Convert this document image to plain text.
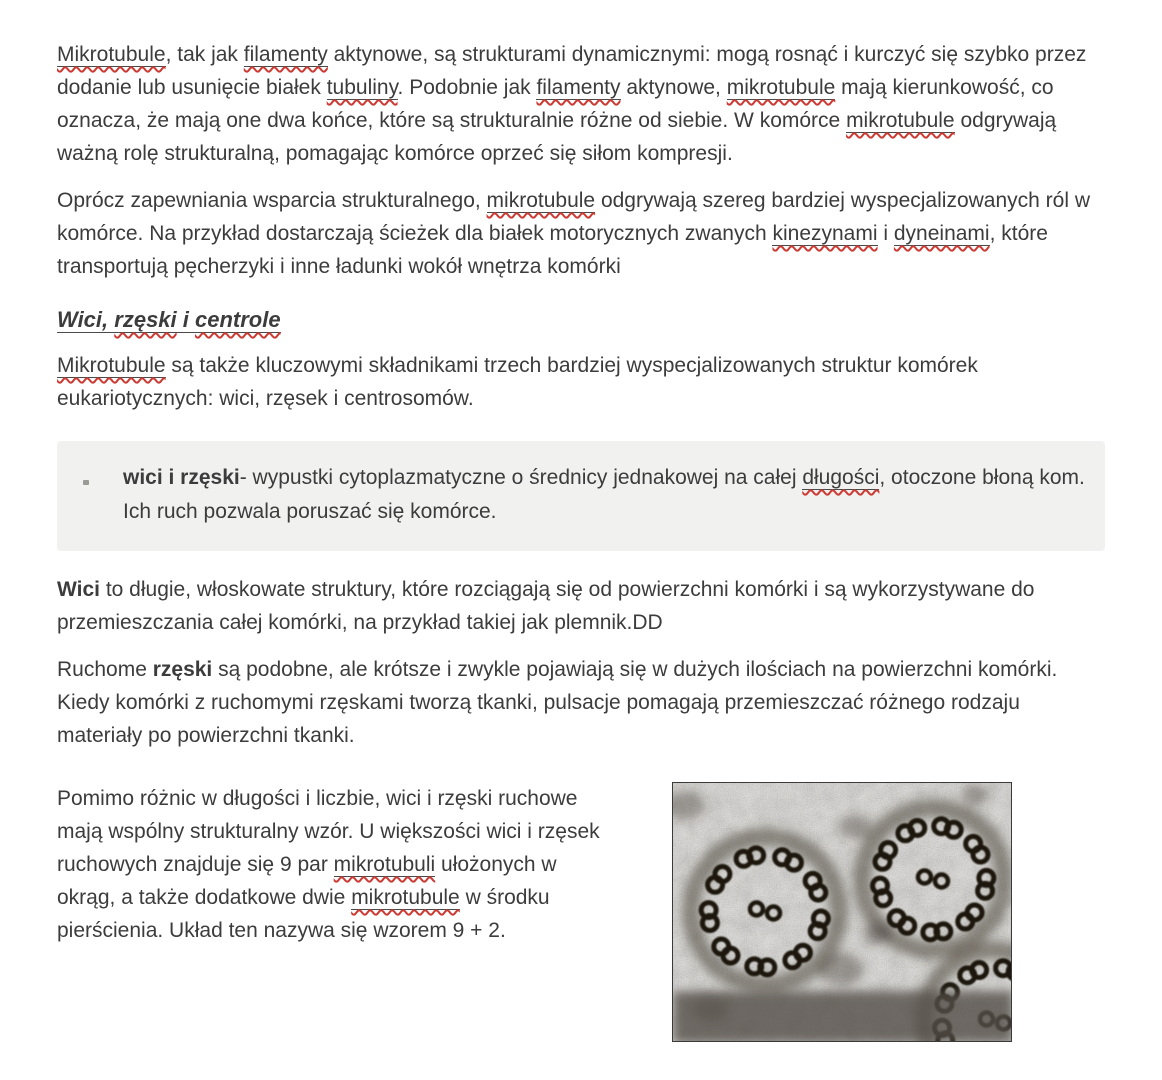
Mikrotubule, tak jak filamenty aktynowe, są strukturami dynamicznymi: mogą rosnąć i kurczyć się szybko przez dodanie lub usunięcie białek tubuliny. Podobnie jak filamenty aktynowe, mikrotubule mają kierunkowość, co oznacza, że mają one dwa końce, które są strukturalnie różne od siebie. W komórce mikrotubule odgrywają ważną rolę strukturalną, pomagając komórce oprzeć się siłom kompresji.

Oprócz zapewniania wsparcia strukturalnego, mikrotubule odgrywają szereg bardziej wyspecjalizowanych ról w komórce. Na przykład dostarczają ścieżek dla białek motorycznych zwanych kinezynami i dyneinami, które transportują pęcherzyki i inne ładunki wokół wnętrza komórki

Wici, rzęski i centrole

Mikrotubule są także kluczowymi składnikami trzech bardziej wyspecjalizowanych struktur komórek eukariotycznych: wici, rzęsek i centrosomów.

wici i rzęski- wypustki cytoplazmatyczne o średnicy jednakowej na całej długości, otoczone błoną kom. Ich ruch pozwala poruszać się komórce.

Wici to długie, włoskowate struktury, które rozciągają się od powierzchni komórki i są wykorzystywane do przemieszczania całej komórki, na przykład takiej jak plemnik.DD

Ruchome rzęski są podobne, ale krótsze i zwykle pojawiają się w dużych ilościach na powierzchni komórki. Kiedy komórki z ruchomymi rzęskami tworzą tkanki, pulsacje pomagają przemieszczać różnego rodzaju materiały po powierzchni tkanki.

Pomimo różnic w długości i liczbie, wici i rzęski ruchowe mają wspólny strukturalny wzór. U większości wici i rzęsek ruchowych znajduje się 9 par mikrotubuli ułożonych w okrąg, a także dodatkowe dwie mikrotubule w środku pierścienia. Układ ten nazywa się wzorem 9 + 2.
